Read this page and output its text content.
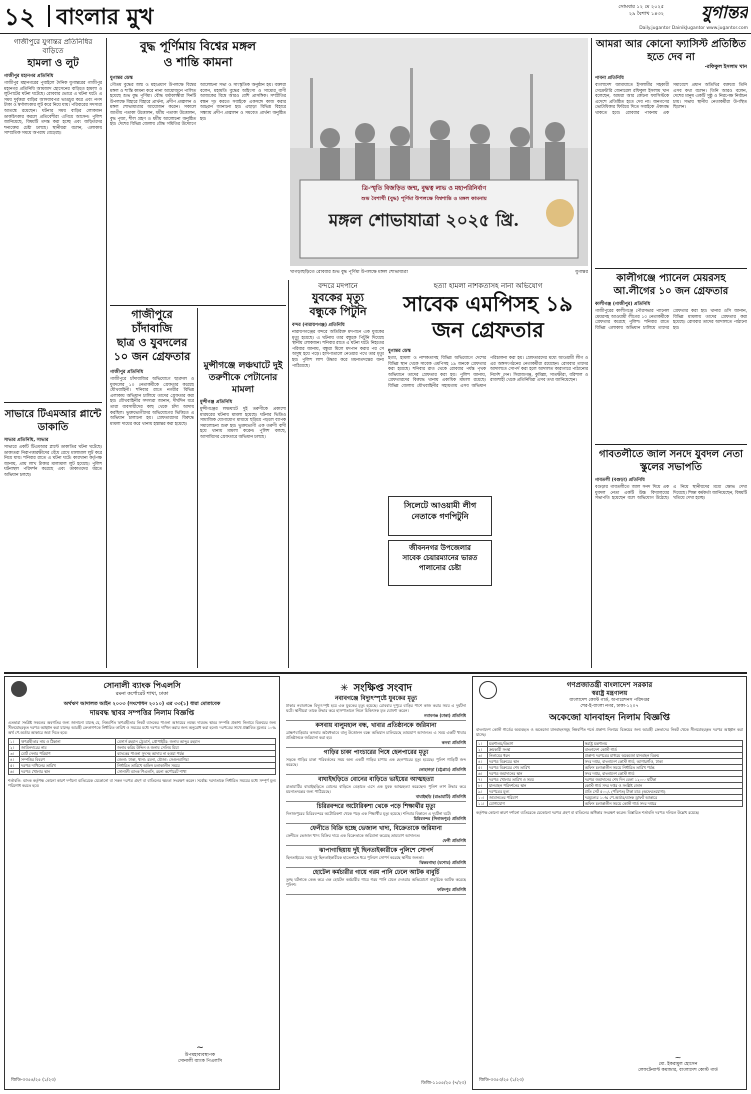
১২ বাংলার মুখ	সোমবার ১২ মে ২০২৫
২৯ বৈশাখ ১৪৩২	যুগান্তর
Daily.jugantor DainikJugantor www.jugantor.com
গাজীপুরে যুগান্তর প্রতিনিধির বাড়িতে
হামলা ও লুট
গাজীপুর মহানগর প্রতিনিধি
গাজীপুর মহানগরের পুবাইলে দৈনিক যুগান্তরের গাজীপুর মহানগর প্রতিনিধি আমজাদ হোসেনের বাড়িতে হামলা ও লুটপাটের ঘটনা ঘটেছে। রোববার ভোরে এ ঘটনা ঘটে। এ সময় দুর্বৃত্তরা বাড়ির আসবাবপত্র ভাঙচুর করে এবং নগদ টাকা ও স্বর্ণালংকার লুট করে নিয়ে যায়। পরিবারের সদস্যরা আতঙ্কে রয়েছেন। ঘটনার সময় বাড়ির লোকজন ডাকচিৎকার করলে প্রতিবেশীরা এগিয়ে আসেন। পুলিশ জানিয়েছে, বিষয়টি তদন্ত করা হচ্ছে এবং জড়িতদের শনাক্তের চেষ্টা চলছে। স্থানীয়রা বলেন, এলাকায় সাম্প্রতিক সময়ে অপরাধ বেড়েছে।
সাভারে টিএমআর প্লান্টে ডাকাতি
সাভার প্রতিনিধি, সাভার
সাভারে একটি টিএমআর প্লান্টে ডাকাতির ঘটনা ঘটেছে। ডাকাতরা নিরাপত্তারক্ষীদের বেঁধে রেখে মালামাল লুট করে নিয়ে যায়। শনিবার রাতে এ ঘটনা ঘটে। কারখানা কর্তৃপক্ষ জানায়, প্রায় লাখ টাকার মালামাল লুট হয়েছে। পুলিশ ঘটনাস্থল পরিদর্শন করেছে এবং ডাকাতদের ধরতে অভিযান চলছে।
বুদ্ধ পূর্ণিমায় বিশ্বের মঙ্গল
ও শান্তি কামনা
যুগান্তর ডেস্ক
গৌতম বুদ্ধের জন্ম ও মহাপ্রয়াণ উপলক্ষে বিশ্বের মঙ্গল ও শান্তি কামনা করে নানা আয়োজনে পালিত হয়েছে শুভ বুদ্ধ পূর্ণিমা। বৌদ্ধ ধর্মাবলম্বীরা দিনটি উপলক্ষে বিহারে বিহারে প্রার্থনা, প্রদীপ প্রজ্বালন ও মঙ্গল শোভাযাত্রার আয়োজন করেন। সকালে জাতীয় পতাকা উত্তোলন, ধর্মীয় পতাকা উত্তোলন, বুদ্ধ পূজা, শীল গ্রহণ ও ধর্মীয় আলোচনা অনুষ্ঠিত হয়। দেশের বিভিন্ন জেলায় বৌদ্ধ সমিতির উদ্যোগে আলোচনা সভা ও সাংস্কৃতিক অনুষ্ঠান হয়। বক্তারা বলেন, মহামতি বুদ্ধের অহিংসা ও সাম্যের বাণী আজকের বিশ্বে আরও বেশি প্রাসঙ্গিক। সম্প্রীতির বন্ধন দৃঢ় করতে সবাইকে একসঙ্গে কাজ করার আহ্বান জানানো হয়। এছাড়া বিভিন্ন বিহারে সন্ধ্যায় প্রদীপ প্রজ্বালন ও সমবেত প্রার্থনা অনুষ্ঠিত হয়।
ত্রি-স্মৃতি বিজড়িত জন্ম, বুদ্ধত্ব লাভ ও মহাপরিনির্বাণ
শুভ বৈশাখী (বুদ্ধ) পূর্ণিমা উপলক্ষে বিশ্বশান্তি ও মঙ্গল কামনায়
মঙ্গল শোভাযাত্রা ২০২৫ খ্রি.
খাগড়াছড়িতে রোববার শুভ বুদ্ধ পূর্ণিমা উপলক্ষে মঙ্গল শোভাযাত্রা	যুগান্তর
আমরা আর কোনো ফ্যাসিস্ট প্রতিষ্ঠিত হতে দেব না
-রফিকুল ইসলাম খান
পাবনা প্রতিনিধি
বাংলাদেশ জামায়াতে ইসলামীর সহকারী সেক্রেটারি জেনারেল রফিকুল ইসলাম খান বলেছেন, আমরা আর কোনো ফ্যাসিস্টকে এদেশে প্রতিষ্ঠিত হতে দেব না। জনগণের ভোটাধিকার ফিরিয়ে দিতে সবাইকে ঐক্যবদ্ধ থাকতে হবে। রোববার পাবনায় এক সমাবেশে প্রধান অতিথির বক্তব্যে তিনি এসব কথা বলেন। তিনি আরও বলেন, দেশের মানুষ একটি সুষ্ঠু ও নিরপেক্ষ নির্বাচন চায়। সভায় স্থানীয় নেতাকর্মীরা উপস্থিত ছিলেন।
কালীগঞ্জে প্যানেল মেয়রসহ আ.লীগের ১০ জন গ্রেফতার
কালীগঞ্জ (গাজীপুর) প্রতিনিধি
গাজীপুরের কালীগঞ্জে পৌরসভার প্যানেল মেয়রসহ আওয়ামী লীগের ১০ নেতাকর্মীকে গ্রেফতার করেছে পুলিশ। শনিবার রাতে বিভিন্ন এলাকায় অভিযান চালিয়ে তাদের গ্রেফতার করা হয়। থানার ওসি জানান, বিভিন্ন মামলায় তাদের গ্রেফতার করা হয়েছে। রোববার তাদের আদালতে পাঠানো হয়।
গাবতলীতে জাল সনদে যুবদল নেতা স্কুলের সভাপতি
গাবতলী (বগুড়া) প্রতিনিধি
বগুড়ার গাবতলীতে জাল সনদ দিয়ে এক যুবদল নেতা একটি উচ্চ বিদ্যালয়ের সভাপতি হয়েছেন বলে অভিযোগ উঠেছে। এ নিয়ে স্থানীয়দের মধ্যে ক্ষোভ দেখা দিয়েছে। শিক্ষা কর্মকর্তা জানিয়েছেন, বিষয়টি খতিয়ে দেখা হচ্ছে।
গাজীপুরে চাঁদাবাজি
ছাত্র ও যুবদলের
১০ জন গ্রেফতার
গাজীপুর প্রতিনিধি
গাজীপুরে চাঁদাবাজির অভিযোগে ছাত্রদল ও যুবদলের ১০ নেতাকর্মীকে গ্রেফতার করেছে যৌথবাহিনী। শনিবার রাতে নগরীর বিভিন্ন এলাকায় অভিযান চালিয়ে তাদের গ্রেফতার করা হয়। যৌথবাহিনীর সদস্যরা জানান, দীর্ঘদিন ধরে তারা ব্যবসায়ীদের কাছ থেকে চাঁদা আদায় করছিল। ভুক্তভোগীদের অভিযোগের ভিত্তিতে এ অভিযান চালানো হয়। গ্রেফতারদের বিরুদ্ধে মামলা দায়ের করে থানায় হস্তান্তর করা হয়েছে।
মুন্সীগঞ্জে লঞ্চঘাটে দুই তরুণীকে পেটানোর মামলা
মুন্সীগঞ্জ প্রতিনিধি
মুন্সীগঞ্জের লঞ্চঘাটে দুই তরুণীকে প্রকাশ্যে মারধরের ঘটনায় মামলা হয়েছে। ঘটনার ভিডিও সামাজিক যোগাযোগ মাধ্যমে ছড়িয়ে পড়লে ব্যাপক সমালোচনা শুরু হয়। ভুক্তভোগী এক তরুণী বাদী হয়ে থানায় মামলা করেন। পুলিশ বলছে, আসামিদের গ্রেফতারে অভিযান চলছে।
বন্দরে মদপানে
যুবকের মৃত্যু
বন্ধুকে পিটুনি
বন্দর (নারায়ণগঞ্জ) প্রতিনিধি
নারায়ণগঞ্জের বন্দরে অতিরিক্ত মদপানে এক যুবকের মৃত্যু হয়েছে। এ ঘটনায় তার বন্ধুকে পিটুনি দিয়েছে স্থানীয় লোকজন। শনিবার রাতে এ ঘটনা ঘটে। নিহতের পরিবার জানায়, বন্ধুরা মিলে মদপান করার পর সে অসুস্থ হয়ে পড়ে। হাসপাতালে নেওয়ার পথে তার মৃত্যু হয়। পুলিশ লাশ উদ্ধার করে ময়নাতদন্তের জন্য পাঠিয়েছে।
হত্যা হামলা নাশকতাসহ নানা অভিযোগ
সাবেক এমপিসহ ১৯
জন গ্রেফতার
যুগান্তর ডেস্ক
হত্যা, হামলা ও নাশকতাসহ বিভিন্ন অভিযোগে দেশের বিভিন্ন স্থান থেকে সাবেক এমপিসহ ১৯ জনকে গ্রেফতার করা হয়েছে। শনিবার রাত থেকে রোববার পর্যন্ত পৃথক অভিযানে তাদের গ্রেফতার করা হয়। পুলিশ জানায়, গ্রেফতারদের বিরুদ্ধে থানায় একাধিক মামলা রয়েছে। বিভিন্ন জেলায় যৌথবাহিনীর সহায়তায় এসব অভিযান পরিচালনা করা হয়। গ্রেফতারদের মধ্যে আওয়ামী লীগ ও এর অঙ্গসংগঠনের নেতাকর্মীরা রয়েছেন। রোববার তাদের আদালতে সোপর্দ করা হলে আদালত কারাগারে পাঠানোর নির্দেশ দেন। সিরাজগঞ্জ, কুমিল্লা, সাতক্ষীরা, বরিশাল ও রাজশাহী থেকে প্রতিনিধিরা এসব তথ্য জানিয়েছেন।
সিলেটে আওয়ামী লীগ নেতাকে গণপিটুনি
জীবননগর উপজেলার
সাবেক চেয়ারম্যানের ভারত
পালানোর চেষ্টা
সোনালী ব্যাংক পিএলসি
রমনা কর্পোরেট শাখা, ঢাকা
অর্থঋণ আদালত আইন ২০০৩ (সংশোধন ২০১০) এর ৩৩(১) ধারা মোতাবেক
দায়বদ্ধ স্থাবর সম্পত্তির নিলাম বিজ্ঞপ্তি
এতদ্বারা সংশ্লিষ্ট সকলের অবগতির জন্য জানানো যাচ্ছে যে, নিম্নবর্ণিত ঋণগ্রহীতার নিকট ব্যাংকের পাওনা আদায়ের লক্ষ্যে দায়বদ্ধ স্থাবর সম্পত্তি প্রকাশ্য নিলামে বিক্রয়ের জন্য সীলমোহরকৃত দরপত্র আহ্বান করা যাচ্ছে। আগ্রহী ক্রেতাগণকে নির্ধারিত তারিখ ও সময়ের মধ্যে দরপত্র দাখিল করার জন্য অনুরোধ করা হলো। দরপত্রের সাথে প্রস্তাবিত মূল্যের ১০% অর্থ পে-অর্ডার আকারে জমা দিতে হবে।
১।	ঋণগ্রহীতার নাম ও ঠিকানা	মেসার্স রহমান ট্রেডার্স, প্রোপাইটর: জনাব আব্দুর রহমান
২।	জামিনদারের নাম	জনাব করিম উদ্দিন ও জনাব সেলিম মিয়া
৩।	মোট দেনার পরিমাণ	ব্যাংকের পাওনা সুদসহ আদায় না হওয়া পর্যন্ত
৪।	সম্পত্তির বিবরণ	জেলা: ঢাকা, থানা: রমনা, মৌজা: সেগুনবাগিচা
৫।	দরপত্র দাখিলের তারিখ	নির্ধারিত তারিখে অফিস চলাকালীন সময়ে
৬।	দরপত্র খোলার স্থান	সোনালী ব্যাংক পিএলসি, রমনা কর্পোরেট শাখা
শর্তাবলি: ব্যাংক কর্তৃপক্ষ কোনো কারণ দর্শানো ব্যতিরেকে যেকোনো বা সকল দরপত্র গ্রহণ বা বাতিলের ক্ষমতা সংরক্ষণ করেন। সর্বোচ্চ দরদাতাকে নির্ধারিত সময়ের মধ্যে সম্পূর্ণ মূল্য পরিশোধ করতে হবে।
~
উপমহাব্যবস্থাপক
সোনালী ব্যাংক পিএলসি
জিডি-৩৩৫৪/২৫ (১/২৩)
✳ সংক্ষিপ্ত সংবাদ
নবাবগঞ্জে বিদ্যুৎস্পৃষ্টে যুবকের মৃত্যু
ঢাকার নবাবগঞ্জে বিদ্যুৎস্পৃষ্ট হয়ে এক যুবকের মৃত্যু হয়েছে। রোববার দুপুরে বাড়ির পাশে কাজ করার সময় এ দুর্ঘটনা ঘটে। স্থানীয়রা তাকে উদ্ধার করে হাসপাতালে নিলে চিকিৎসক মৃত ঘোষণা করেন।
নবাবগঞ্জ (ঢাকা) প্রতিনিধি
কসবায় বালুমহাল বন্ধ, খাবার প্রতিষ্ঠানকে জরিমানা
ব্রাহ্মণবাড়িয়ার কসবায় অবৈধভাবে বালু উত্তোলন বন্ধে অভিযান চালিয়েছে ভ্রাম্যমাণ আদালত। এ সময় একটি খাবার প্রতিষ্ঠানকে জরিমানা করা হয়।
কসবা প্রতিনিধি
গাড়ির চাকা পাংচারের পিষে হেলপারের মৃত্যু
সড়কে গাড়ির চাকা পরিবর্তনের সময় অন্য একটি গাড়ির চাপায় এক হেলপারের মৃত্যু হয়েছে। পুলিশ গাড়িটি জব্দ করেছে।
লোহাগড়া (চট্টগ্রাম) প্রতিনিধি
বাঘাইছড়িতে বোনের বাড়িতে ভাইয়ের আত্মহত্যা
রাঙামাটির বাঘাইছড়িতে বোনের বাড়িতে বেড়াতে এসে এক যুবক আত্মহত্যা করেছেন। পুলিশ লাশ উদ্ধার করে ময়নাতদন্তের জন্য পাঠিয়েছে।
বাঘাইছড়ি (রাঙামাটি) প্রতিনিধি
চিরিরবন্দরে অটোরিকশা থেকে পড়ে শিক্ষার্থীর মৃত্যু
দিনাজপুরের চিরিরবন্দরে অটোরিকশা থেকে পড়ে এক শিক্ষার্থীর মৃত্যু হয়েছে। শনিবার বিকালে এ দুর্ঘটনা ঘটে।
চিরিরবন্দর (দিনাজপুর) প্রতিনিধি
ফেনীতে বিক্রি হচ্ছে ভেজাল খাদ্য, বিক্রেতাকে জরিমানা
ফেনীতে ভেজাল খাদ্য বিক্রির দায়ে এক বিক্রেতাকে জরিমানা করেছে ভ্রাম্যমাণ আদালত।
ফেনী প্রতিনিধি
ঝাপাগাছিয়ায় দুই ছিনতাইকারীকে পুলিশে সোপর্দ
ছিনতাইয়ের সময় দুই ছিনতাইকারীকে হাতেনাতে ধরে পুলিশে সোপর্দ করেছে স্থানীয় জনতা।
ঝিকরগাছা (যশোর) প্রতিনিধি
হোটেল কর্মচারীর গায়ে গরম পানি ঢেলে আটক বাবুর্চি
তুচ্ছ ঘটনাকে কেন্দ্র করে এক হোটেল কর্মচারীর গায়ে গরম পানি ঢেলে দেওয়ার অভিযোগে বাবুর্চিকে আটক করেছে পুলিশ।
ফরিদপুর প্রতিনিধি
ডিজি-১১৫৫/২৫ (৭/২৩)
গণপ্রজাতন্ত্রী বাংলাদেশ সরকার
স্বরাষ্ট্র মন্ত্রণালয়
বাংলাদেশ কোস্ট গার্ড, অপারেশনস পরিদপ্তর
শের-ই-বাংলা নগর, ঢাকা-১২০৭
অকেজো যানবাহন নিলাম বিজ্ঞপ্তি
বাংলাদেশ কোস্ট গার্ডের অব্যবহৃত ও অকেজো যানবাহনসমূহ নিম্নবর্ণিত শর্তে প্রকাশ্য নিলামে বিক্রয়ের জন্য আগ্রহী ক্রেতাদের নিকট থেকে সীলমোহরকৃত দরপত্র আহ্বান করা যাচ্ছে।
১।	মন্ত্রণালয়/বিভাগ	স্বরাষ্ট্র মন্ত্রণালয়
২।	ক্রয়কারী সংস্থা	বাংলাদেশ কোস্ট গার্ড
৩।	নিলামের ধরন	প্রকাশ্য দরপত্রের মাধ্যমে অকেজো যানবাহন বিক্রয়
৪।	দরপত্র বিক্রয়ের স্থান	সদর দপ্তর, বাংলাদেশ কোস্ট গার্ড, আগারগাঁও, ঢাকা
৫।	দরপত্র বিক্রয়ের শেষ তারিখ	অফিস চলাকালীন সময়ে নির্ধারিত তারিখ পর্যন্ত
৬।	দরপত্র জমাদানের স্থান	সদর দপ্তর, বাংলাদেশ কোস্ট গার্ড
৭।	দরপত্র খোলার তারিখ ও সময়	দরপত্র জমাদানের শেষ দিন বেলা ১২:০০ ঘটিকা
৮।	যানবাহন পরিদর্শনের স্থান	কোস্ট গার্ড সদর দপ্তর ও সংশ্লিষ্ট জোন
৯।	দরপত্রের মূল্য	প্রতি সেট ৫০০/- (পাঁচশত) টাকা মাত্র (অফেরতযোগ্য)
১০।	জামানতের পরিমাণ	দরমূল্যের ১০% পে-অর্ডার/ব্যাংক ড্রাফট আকারে
১১।	যোগাযোগ	অফিস চলাকালীন সময়ে কোস্ট গার্ড সদর দপ্তরে
কর্তৃপক্ষ কোনো কারণ দর্শানো ব্যতিরেকে যেকোনো দরপত্র গ্রহণ বা বাতিলের অধিকার সংরক্ষণ করেন। বিস্তারিত শর্তাবলি দরপত্র দলিলে উল্লেখ রয়েছে।
~
মো. ইকরামুল হোসেন
লেফটেন্যান্ট কমান্ডার, বাংলাদেশ কোস্ট গার্ড
জিডি-৩৩৫৩/২৫ (১/২৩)
